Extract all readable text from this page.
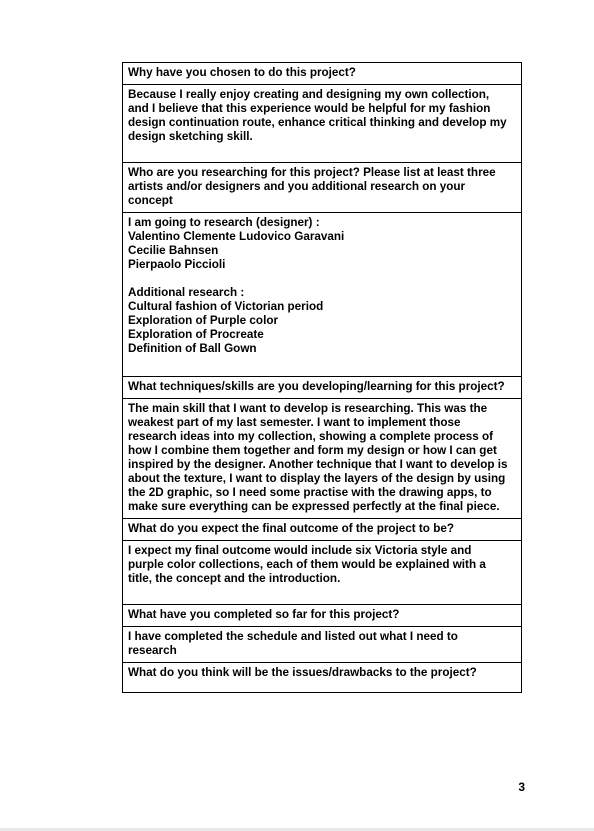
Why have you chosen to do this project?

Because I really enjoy creating and designing my own collection,
and I believe that this experience would be helpful for my fashion
design continuation route, enhance critical thinking and develop my
design sketching skill.

Who are you researching for this project? Please list at least three
artists and/or designers and you additional research on your
concept

I am going to research (designer) :
Valentino Clemente Ludovico Garavani
Cecilie Bahnsen
Pierpaolo Piccioli
Additional research :
Cultural fashion of Victorian period
Exploration of Purple color
Exploration of Procreate
Definition of Ball Gown

What techniques/skills are you developing/learning for this project?

The main skill that I want to develop is researching. This was the
weakest part of my last semester. I want to implement those
research ideas into my collection, showing a complete process of
how I combine them together and form my design or how I can get
inspired by the designer. Another technique that I want to develop is
about the texture, I want to display the layers of the design by using
the 2D graphic, so I need some practise with the drawing apps, to
make sure everything can be expressed perfectly at the final piece.

What do you expect the final outcome of the project to be?

I expect my final outcome would include six Victoria style and
purple color collections, each of them would be explained with a
title, the concept and the introduction.

What have you completed so far for this project?

I have completed the schedule and listed out what I need to
research

What do you think will be the issues/drawbacks to the project?
3
